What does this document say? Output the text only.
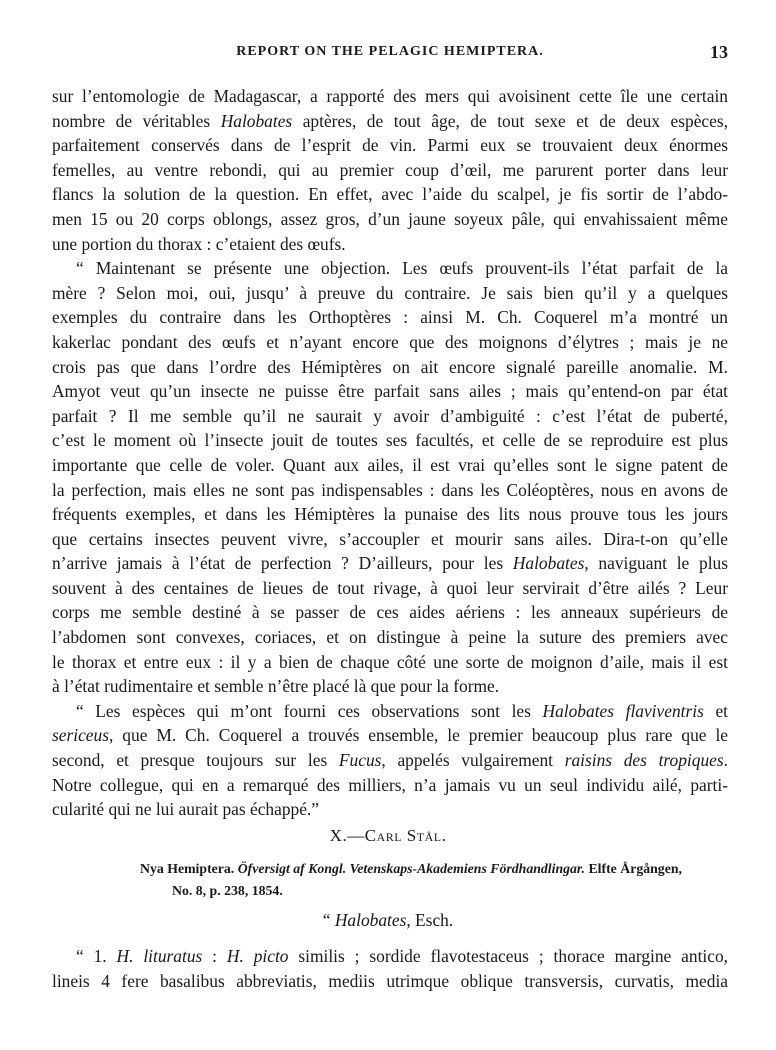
REPORT ON THE PELAGIC HEMIPTERA.	13
sur l’entomologie de Madagascar, a rapporté des mers qui avoisinent cette île une certain
nombre de véritables Halobates aptères, de tout âge, de tout sexe et de deux espèces,
parfaitement conservés dans de l’esprit de vin. Parmi eux se trouvaient deux énormes
femelles, au ventre rebondi, qui au premier coup d’œil, me parurent porter dans leur
flancs la solution de la question. En effet, avec l’aide du scalpel, je fis sortir de l’abdo-
men 15 ou 20 corps oblongs, assez gros, d’un jaune soyeux pâle, qui envahissaient même
une portion du thorax : c’etaient des œufs.
“ Maintenant se présente une objection. Les œufs prouvent-ils l’état parfait de la
mère ? Selon moi, oui, jusqu’ à preuve du contraire. Je sais bien qu’il y a quelques
exemples du contraire dans les Orthoptères : ainsi M. Ch. Coquerel m’a montré un
kakerlac pondant des œufs et n’ayant encore que des moignons d’élytres ; mais je ne
crois pas que dans l’ordre des Hémiptères on ait encore signalé pareille anomalie. M.
Amyot veut qu’un insecte ne puisse être parfait sans ailes ; mais qu’entend-on par état
parfait ? Il me semble qu’il ne saurait y avoir d’ambiguité : c’est l’état de puberté,
c’est le moment où l’insecte jouit de toutes ses facultés, et celle de se reproduire est plus
importante que celle de voler. Quant aux ailes, il est vrai qu’elles sont le signe patent de
la perfection, mais elles ne sont pas indispensables : dans les Coléoptères, nous en avons de
fréquents exemples, et dans les Hémiptères la punaise des lits nous prouve tous les jours
que certains insectes peuvent vivre, s’accoupler et mourir sans ailes. Dira-t-on qu’elle
n’arrive jamais à l’état de perfection ? D’ailleurs, pour les Halobates, naviguant le plus
souvent à des centaines de lieues de tout rivage, à quoi leur servirait d’être ailés ? Leur
corps me semble destiné à se passer de ces aides aériens : les anneaux supérieurs de
l’abdomen sont convexes, coriaces, et on distingue à peine la suture des premiers avec
le thorax et entre eux : il y a bien de chaque côté une sorte de moignon d’aile, mais il est
à l’état rudimentaire et semble n’être placé là que pour la forme.
“ Les espèces qui m’ont fourni ces observations sont les Halobates flaviventris et
sericeus, que M. Ch. Coquerel a trouvés ensemble, le premier beaucoup plus rare que le
second, et presque toujours sur les Fucus, appelés vulgairement raisins des tropiques.
Notre collegue, qui en a remarqué des milliers, n’a jamais vu un seul individu ailé, parti-
cularité qui ne lui aurait pas échappé.”
X.—Carl Stål.
Nya Hemiptera. Öfversigt af Kongl. Vetenskaps-Akademiens Fördhandlingar. Elfte Årgången,
No. 8, p. 238, 1854.
“ Halobates, Esch.
“ 1. H. lituratus : H. picto similis ; sordide flavotestaceus ; thorace margine antico,
lineis 4 fere basalibus abbreviatis, mediis utrimque oblique transversis, curvatis, media
